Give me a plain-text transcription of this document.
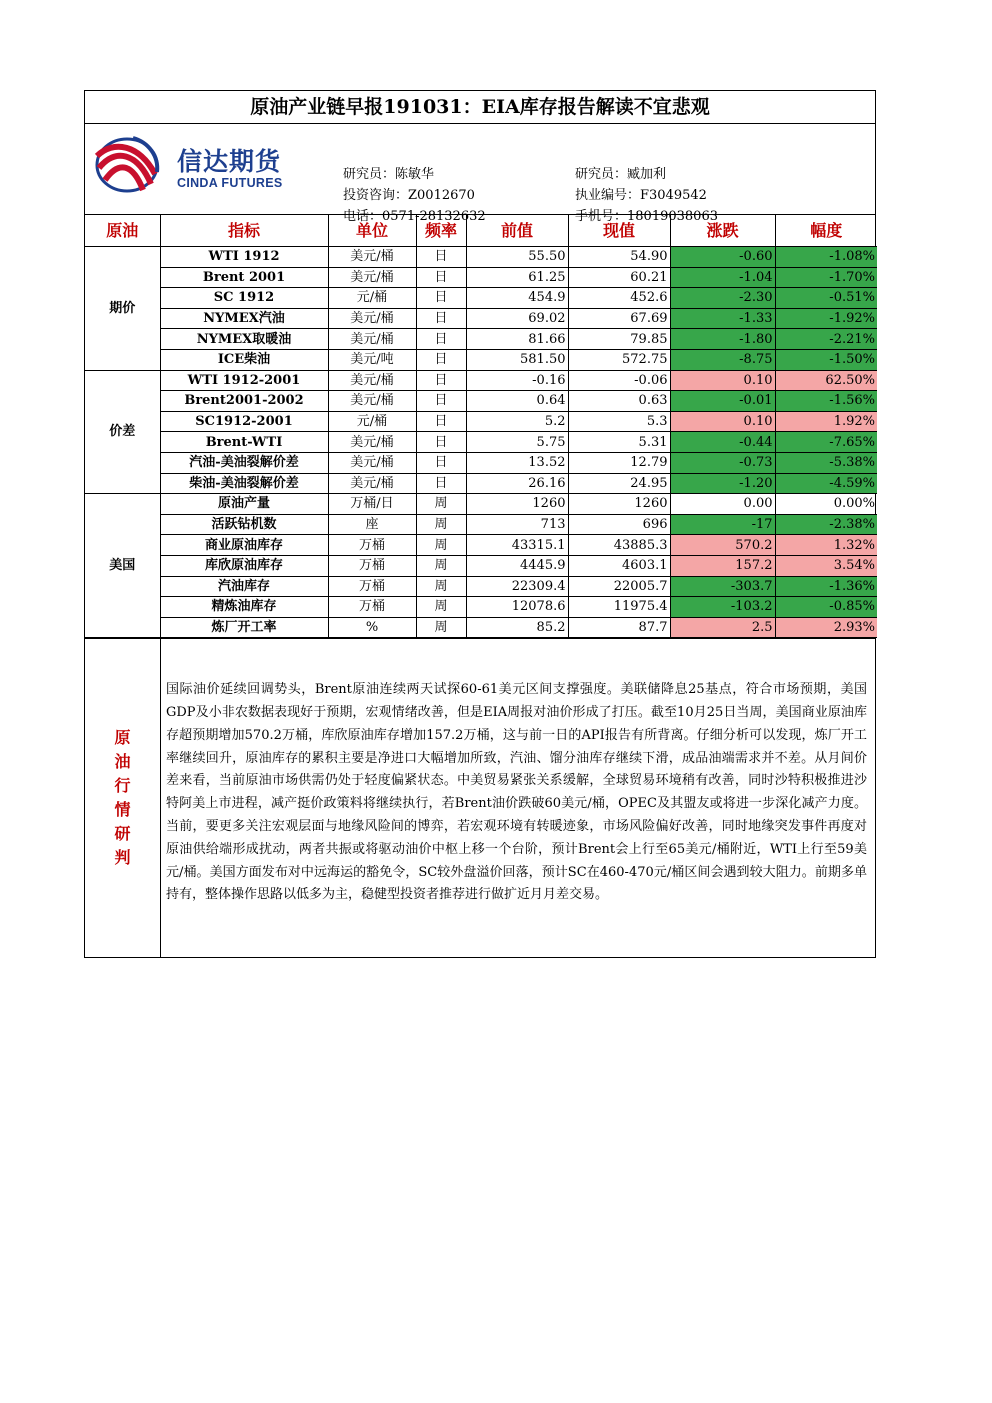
原油产业链早报191031：EIA库存报告解读不宜悲观
信达期货
CINDA FUTURES
研究员：陈敏华
投资咨询：Z0012670
电话：0571-28132632
研究员：臧加利
执业编号：F3049542
手机号：18019038063
原油	指标	单位	频率	前值	现值	涨跌	幅度
期价	WTI 1912	美元/桶	日	55.50	54.90	-0.60	-1.08%
	Brent 2001	美元/桶	日	61.25	60.21	-1.04	-1.70%
	SC 1912	元/桶	日	454.9	452.6	-2.30	-0.51%
	NYMEX汽油	美元/桶	日	69.02	67.69	-1.33	-1.92%
	NYMEX取暖油	美元/桶	日	81.66	79.85	-1.80	-2.21%
	ICE柴油	美元/吨	日	581.50	572.75	-8.75	-1.50%
价差	WTI 1912-2001	美元/桶	日	-0.16	-0.06	0.10	62.50%
	Brent2001-2002	美元/桶	日	0.64	0.63	-0.01	-1.56%
	SC1912-2001	元/桶	日	5.2	5.3	0.10	1.92%
	Brent-WTI	美元/桶	日	5.75	5.31	-0.44	-7.65%
	汽油-美油裂解价差	美元/桶	日	13.52	12.79	-0.73	-5.38%
	柴油-美油裂解价差	美元/桶	日	26.16	24.95	-1.20	-4.59%
美国	原油产量	万桶/日	周	1260	1260	0.00	0.00%
	活跃钻机数	座	周	713	696	-17	-2.38%
	商业原油库存	万桶	周	43315.1	43885.3	570.2	1.32%
	库欣原油库存	万桶	周	4445.9	4603.1	157.2	3.54%
	汽油库存	万桶	周	22309.4	22005.7	-303.7	-1.36%
	精炼油库存	万桶	周	12078.6	11975.4	-103.2	-0.85%
	炼厂开工率	%	周	85.2	87.7	2.5	2.93%
原油行情研判
国际油价延续回调势头，Brent原油连续两天试探60-61美元区间支撑强度。美联储降息25基点，符合市场预期，美国GDP及小非农数据表现好于预期，宏观情绪改善，但是EIA周报对油价形成了打压。截至10月25日当周，美国商业原油库存超预期增加570.2万桶，库欣原油库存增加157.2万桶，这与前一日的API报告有所背离。仔细分析可以发现，炼厂开工率继续回升，原油库存的累积主要是净进口大幅增加所致，汽油、馏分油库存继续下滑，成品油端需求并不差。从月间价差来看，当前原油市场供需仍处于轻度偏紧状态。中美贸易紧张关系缓解，全球贸易环境稍有改善，同时沙特积极推进沙特阿美上市进程，减产挺价政策料将继续执行，若Brent油价跌破60美元/桶，OPEC及其盟友或将进一步深化减产力度。当前，要更多关注宏观层面与地缘风险间的博弈，若宏观环境有转暖迹象，市场风险偏好改善，同时地缘突发事件再度对原油供给端形成扰动，两者共振或将驱动油价中枢上移一个台阶，预计Brent会上行至65美元/桶附近，WTI上行至59美元/桶。美国方面发布对中远海运的豁免令，SC较外盘溢价回落，预计SC在460-470元/桶区间会遇到较大阻力。前期多单持有，整体操作思路以低多为主，稳健型投资者推荐进行做扩近月月差交易。
